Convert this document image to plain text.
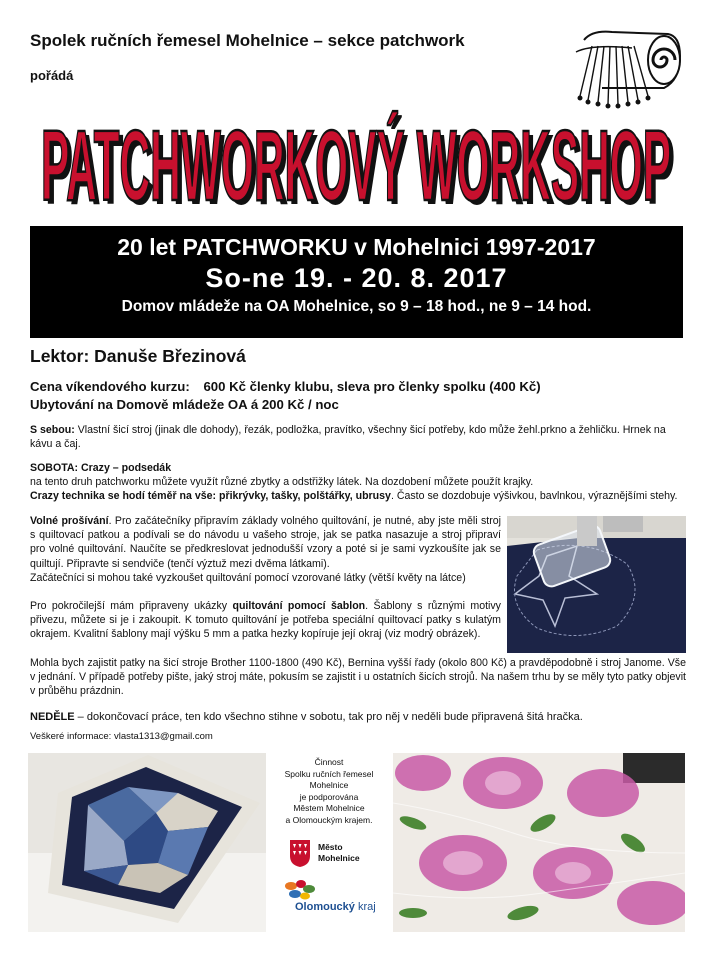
Spolek ručních řemesel Mohelnice – sekce patchwork
pořádá
PATCHWORKOVÝ WORKSHOP
PATCHWORKOVÝ WORKSHOP
20 let PATCHWORKU v Mohelnici 1997-2017
So-ne 19. - 20. 8. 2017
Domov mládeže na OA Mohelnice, so 9 – 18 hod., ne 9 – 14 hod.
Lektor: Danuše Březinová
Cena víkendového kurzu: 600 Kč členky klubu, sleva pro členky spolku (400 Kč)
Ubytování na Domově mládeže OA á 200 Kč / noc
S sebou: Vlastní šicí stroj (jinak dle dohody), řezák, podložka, pravítko, všechny šicí potřeby, kdo může žehl.prkno a žehličku. Hrnek na kávu a čaj.
SOBOTA: Crazy – podsedák
na tento druh patchworku můžete využít různé zbytky a odstřižky látek. Na dozdobení můžete použít krajky.
Crazy technika se hodí téměř na vše: přikrývky, tašky, polštářky, ubrusy. Často se dozdobuje výšivkou, bavlnkou, výraznějšími stehy.
Volné prošívání. Pro začátečníky připravím základy volného quiltování, je nutné, aby jste měli stroj s quiltovací patkou a podívali se do návodu u vašeho stroje, jak se patka nasazuje a stroj připraví pro volné quiltování. Naučíte se předkreslovat jednodušší vzory a poté si je sami vyzkoušíte jak se quiltují. Připravte si sendviče (tenčí výztuž mezi dvěma látkami).
Začátečníci si mohou také vyzkoušet quiltování pomocí vzorované látky (větší květy na látce)
Pro pokročilejší mám připraveny ukázky quiltování pomocí šablon. Šablony s různými motivy přivezu, můžete si je i zakoupit. K tomuto quiltování je potřeba speciální quiltovací patky s kulatým okrajem. Kvalitní šablony mají výšku 5 mm a patka hezky kopíruje její okraj (viz modrý obrázek).
Mohla bych zajistit patky na šicí stroje Brother 1100-1800 (490 Kč), Bernina vyšší řady (okolo 800 Kč) a pravděpodobně i stroj Janome. Vše v jednání. V případě potřeby pište, jaký stroj máte, pokusím se zajistit i u ostatních šicích strojů. Na našem trhu by se měly tyto patky objevit v průběhu prázdnin.
NEDĚLE – dokončovací práce, ten kdo všechno stihne v sobotu, tak pro něj v neděli bude připravená šitá hračka.
Veškeré informace: vlasta1313@gmail.com
Činnost
Spolku ručních řemesel
Mohelnice
je podporována
Městem Mohelnice
a Olomouckým krajem.
Město
Mohelnice
Olomoucký kraj
